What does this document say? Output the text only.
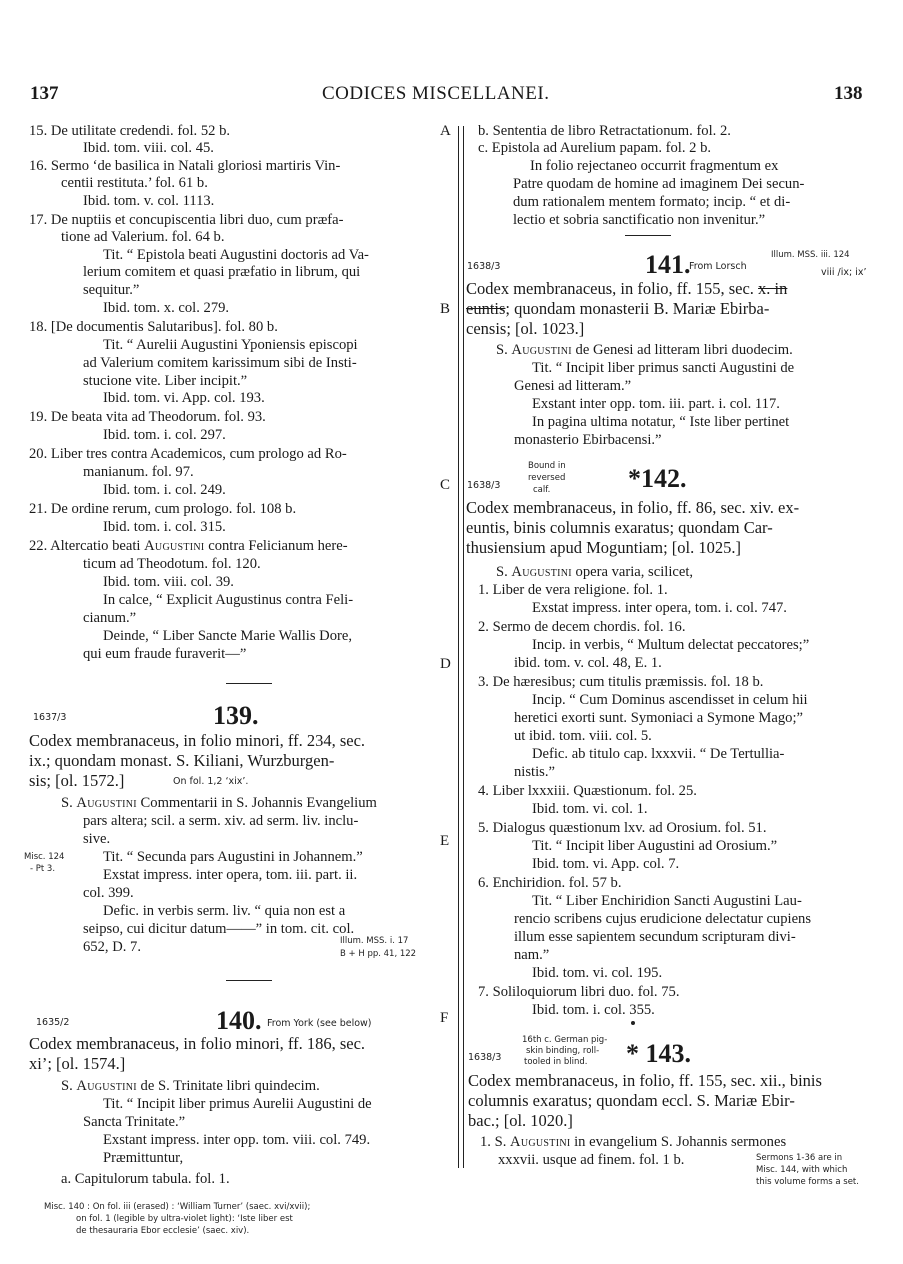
137	CODICES MISCELLANEI.	138
A
B
C
D
E
F
15. De utilitate credendi. fol. 52 b.
Ibid. tom. viii. col. 45.
16. Sermo ‘de basilica in Natali gloriosi martiris Vin-
centii restituta.’ fol. 61 b.
Ibid. tom. v. col. 1113.
17. De nuptiis et concupiscentia libri duo, cum præfa-
tione ad Valerium. fol. 64 b.
Tit. “ Epistola beati Augustini doctoris ad Va-
lerium comitem et quasi præfatio in librum, qui
sequitur.”
Ibid. tom. x. col. 279.
18. [De documentis Salutaribus]. fol. 80 b.
Tit. “ Aurelii Augustini Yponiensis episcopi
ad Valerium comitem karissimum sibi de Insti-
stucione vite. Liber incipit.”
Ibid. tom. vi. App. col. 193.
19. De beata vita ad Theodorum. fol. 93.
Ibid. tom. i. col. 297.
20. Liber tres contra Academicos, cum prologo ad Ro-
manianum. fol. 97.
Ibid. tom. i. col. 249.
21. De ordine rerum, cum prologo. fol. 108 b.
Ibid. tom. i. col. 315.
22. Altercatio beati Augustini contra Felicianum here-
ticum ad Theodotum. fol. 120.
Ibid. tom. viii. col. 39.
In calce, “ Explicit Augustinus contra Feli-
cianum.”
Deinde, “ Liber Sancte Marie Wallis Dore,
qui eum fraude furaverit—”
1637/3	139.
Codex membranaceus, in folio minori, ff. 234, sec.
ix.; quondam monast. S. Kiliani, Wurzburgen-
sis; [ol. 1572.]	On fol. 1,2 ‘xix’.
S. Augustini Commentarii in S. Johannis Evangelium
pars altera; scil. a serm. xiv. ad serm. liv. inclu-
sive.
Misc. 124
- Pt 3.
Tit. “ Secunda pars Augustini in Johannem.”
Exstat impress. inter opera, tom. iii. part. ii.
col. 399.
Defic. in verbis serm. liv. “ quia non est a
seipso, cui dicitur datum——” in tom. cit. col.
652, D. 7.	Illum. MSS. i. 17
B + H pp. 41, 122
1635/2	140. From York (see below)
Codex membranaceus, in folio minori, ff. 186, sec.
xi’; [ol. 1574.]
S. Augustini de S. Trinitate libri quindecim.
Tit. “ Incipit liber primus Aurelii Augustini de
Sancta Trinitate.”
Exstant impress. inter opp. tom. viii. col. 749.
Præmittuntur,
a. Capitulorum tabula. fol. 1.
Misc. 140 : On fol. iii (erased) : ‘William Turner’ (saec. xvi/xvii);
on fol. 1 (legible by ultra-violet light): ‘Iste liber est
de thesauraria Ebor ecclesie’ (saec. xiv).
b. Sententia de libro Retractationum. fol. 2.
c. Epistola ad Aurelium papam. fol. 2 b.
In folio rejectaneo occurrit fragmentum ex
Patre quodam de homine ad imaginem Dei secun-
dum rationalem mentem formato; incip. “ et di-
lectio et sobria sanctificatio non invenitur.”
Illum. MSS. iii. 124
1638/3	141.
From Lorsch
viii /ix; ix’
Codex membranaceus, in folio, ff. 155, sec. x. in
euntis; quondam monasterii B. Mariæ Ebirba-
censis; [ol. 1023.]
S. Augustini de Genesi ad litteram libri duodecim.
Tit. “ Incipit liber primus sancti Augustini de
Genesi ad litteram.”
Exstant inter opp. tom. iii. part. i. col. 117.
In pagina ultima notatur, “ Iste liber pertinet
monasterio Ebirbacensi.”
Bound in
reversed
calf.
1638/3	*142.
Codex membranaceus, in folio, ff. 86, sec. xiv. ex-
euntis, binis columnis exaratus; quondam Car-
thusiensium apud Moguntiam; [ol. 1025.]
S. Augustini opera varia, scilicet,
1. Liber de vera religione. fol. 1.
Exstat impress. inter opera, tom. i. col. 747.
2. Sermo de decem chordis. fol. 16.
Incip. in verbis, “ Multum delectat peccatores;”
ibid. tom. v. col. 48, E. 1.
3. De hæresibus; cum titulis præmissis. fol. 18 b.
Incip. “ Cum Dominus ascendisset in celum hii
heretici exorti sunt. Symoniaci a Symone Mago;”
ut ibid. tom. viii. col. 5.
Defic. ab titulo cap. lxxxvii. “ De Tertullia-
nistis.”
4. Liber lxxxiii. Quæstionum. fol. 25.
Ibid. tom. vi. col. 1.
5. Dialogus quæstionum lxv. ad Orosium. fol. 51.
Tit. “ Incipit liber Augustini ad Orosium.”
Ibid. tom. vi. App. col. 7.
6. Enchiridion. fol. 57 b.
Tit. “ Liber Enchiridion Sancti Augustini Lau-
rencio scribens cujus erudicione delectatur cupiens
illum esse sapientem secundum scripturam divi-
nam.”
Ibid. tom. vi. col. 195.
7. Soliloquiorum libri duo. fol. 75.
Ibid. tom. i. col. 355.
16th c. German pig-
skin binding, roll-
tooled in blind.
1638/3	* 143.
Codex membranaceus, in folio, ff. 155, sec. xii., binis
columnis exaratus; quondam eccl. S. Mariæ Ebir-
bac.; [ol. 1020.]
1. S. Augustini in evangelium S. Johannis sermones
xxxvii. usque ad finem. fol. 1 b.	Sermons 1-36 are in
Misc. 144, with which
this volume forms a set.
